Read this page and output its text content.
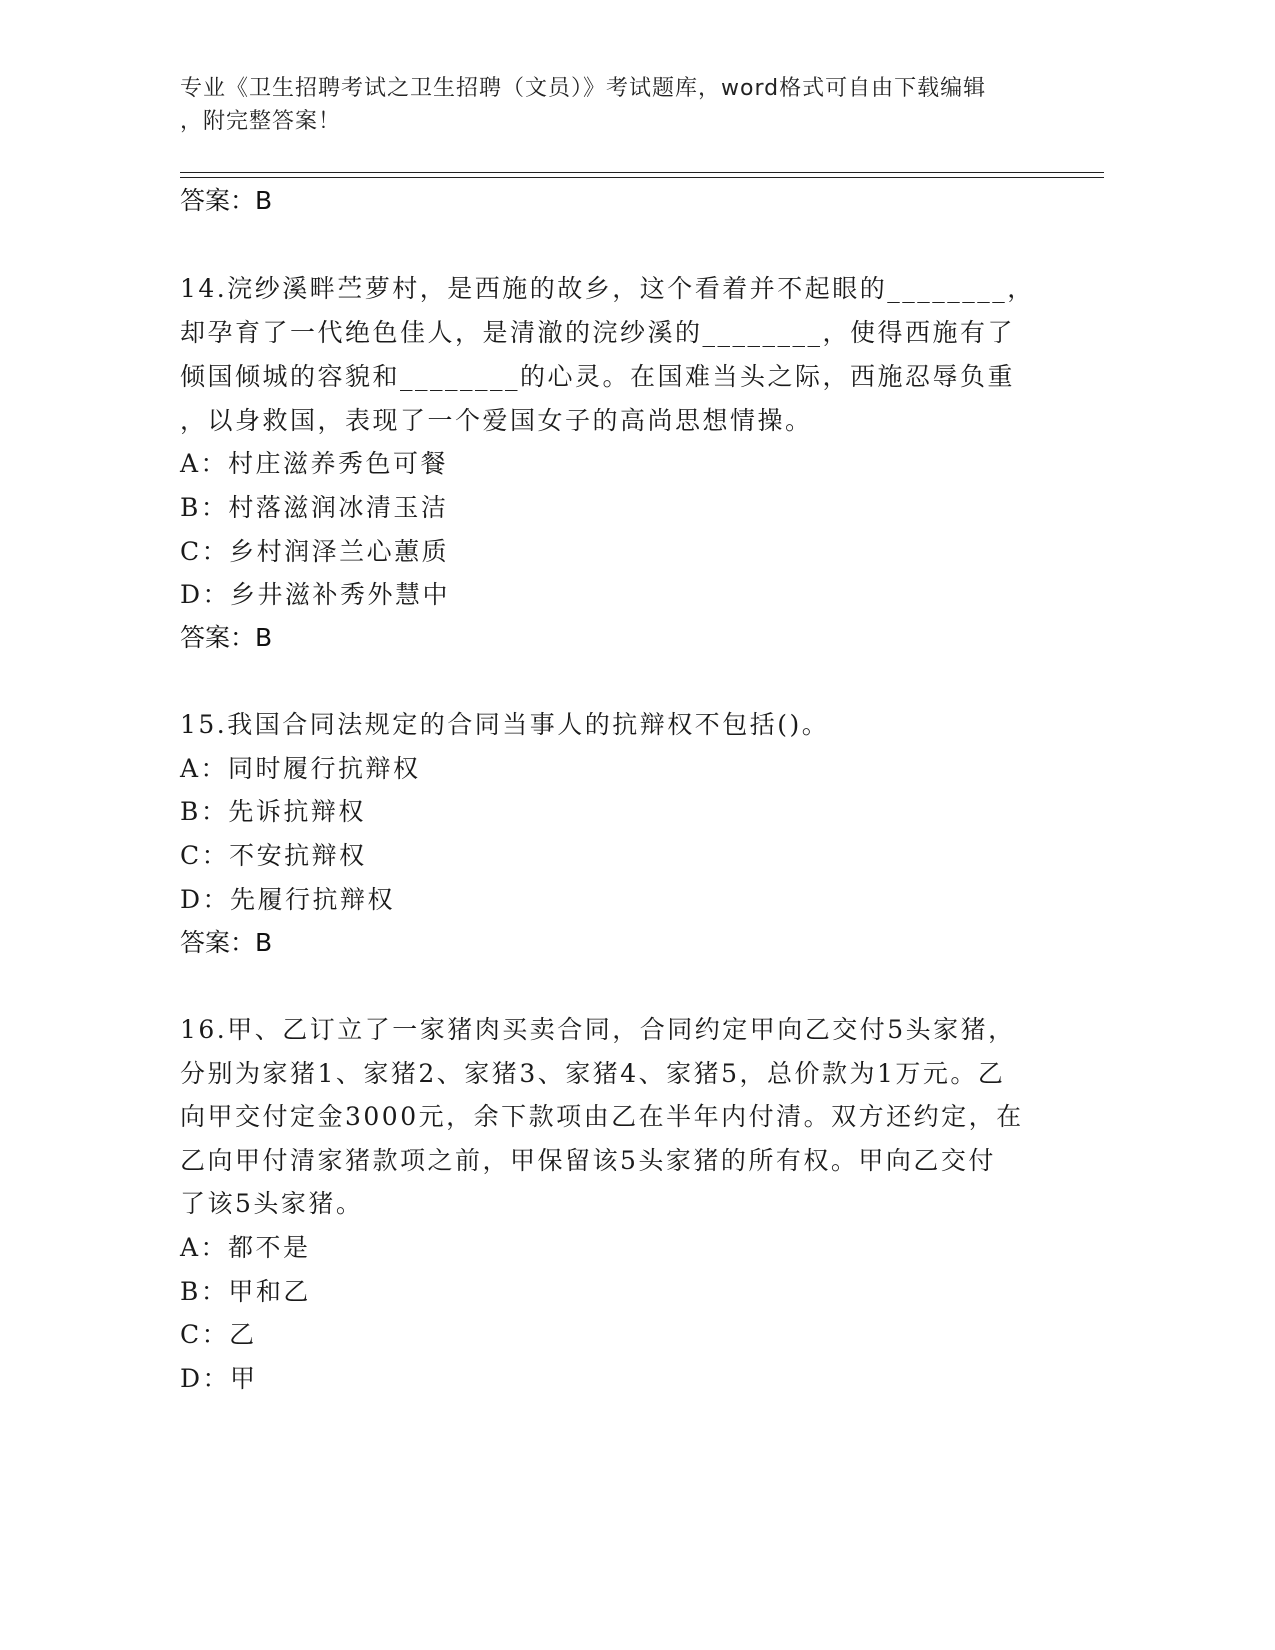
专业《卫生招聘考试之卫生招聘（文员）》考试题库，word格式可自由下载编辑

，附完整答案！

答案：B
14.浣纱溪畔苎萝村，是西施的故乡，这个看着并不起眼的________，
却孕育了一代绝色佳人，是清澈的浣纱溪的________，使得西施有了
倾国倾城的容貌和________的心灵。在国难当头之际，西施忍辱负重
，以身救国，表现了一个爱国女子的高尚思想情操。
A：村庄滋养秀色可餐
B：村落滋润冰清玉洁
C：乡村润泽兰心蕙质
D：乡井滋补秀外慧中
答案：B
15.我国合同法规定的合同当事人的抗辩权不包括()。
A：同时履行抗辩权
B：先诉抗辩权
C：不安抗辩权
D：先履行抗辩权
答案：B
16.甲、乙订立了一家猪肉买卖合同，合同约定甲向乙交付5头家猪，
分别为家猪1、家猪2、家猪3、家猪4、家猪5，总价款为1万元。乙
向甲交付定金3000元，余下款项由乙在半年内付清。双方还约定，在
乙向甲付清家猪款项之前，甲保留该5头家猪的所有权。甲向乙交付
了该5头家猪。
A：都不是
B：甲和乙
C：乙
D：甲
